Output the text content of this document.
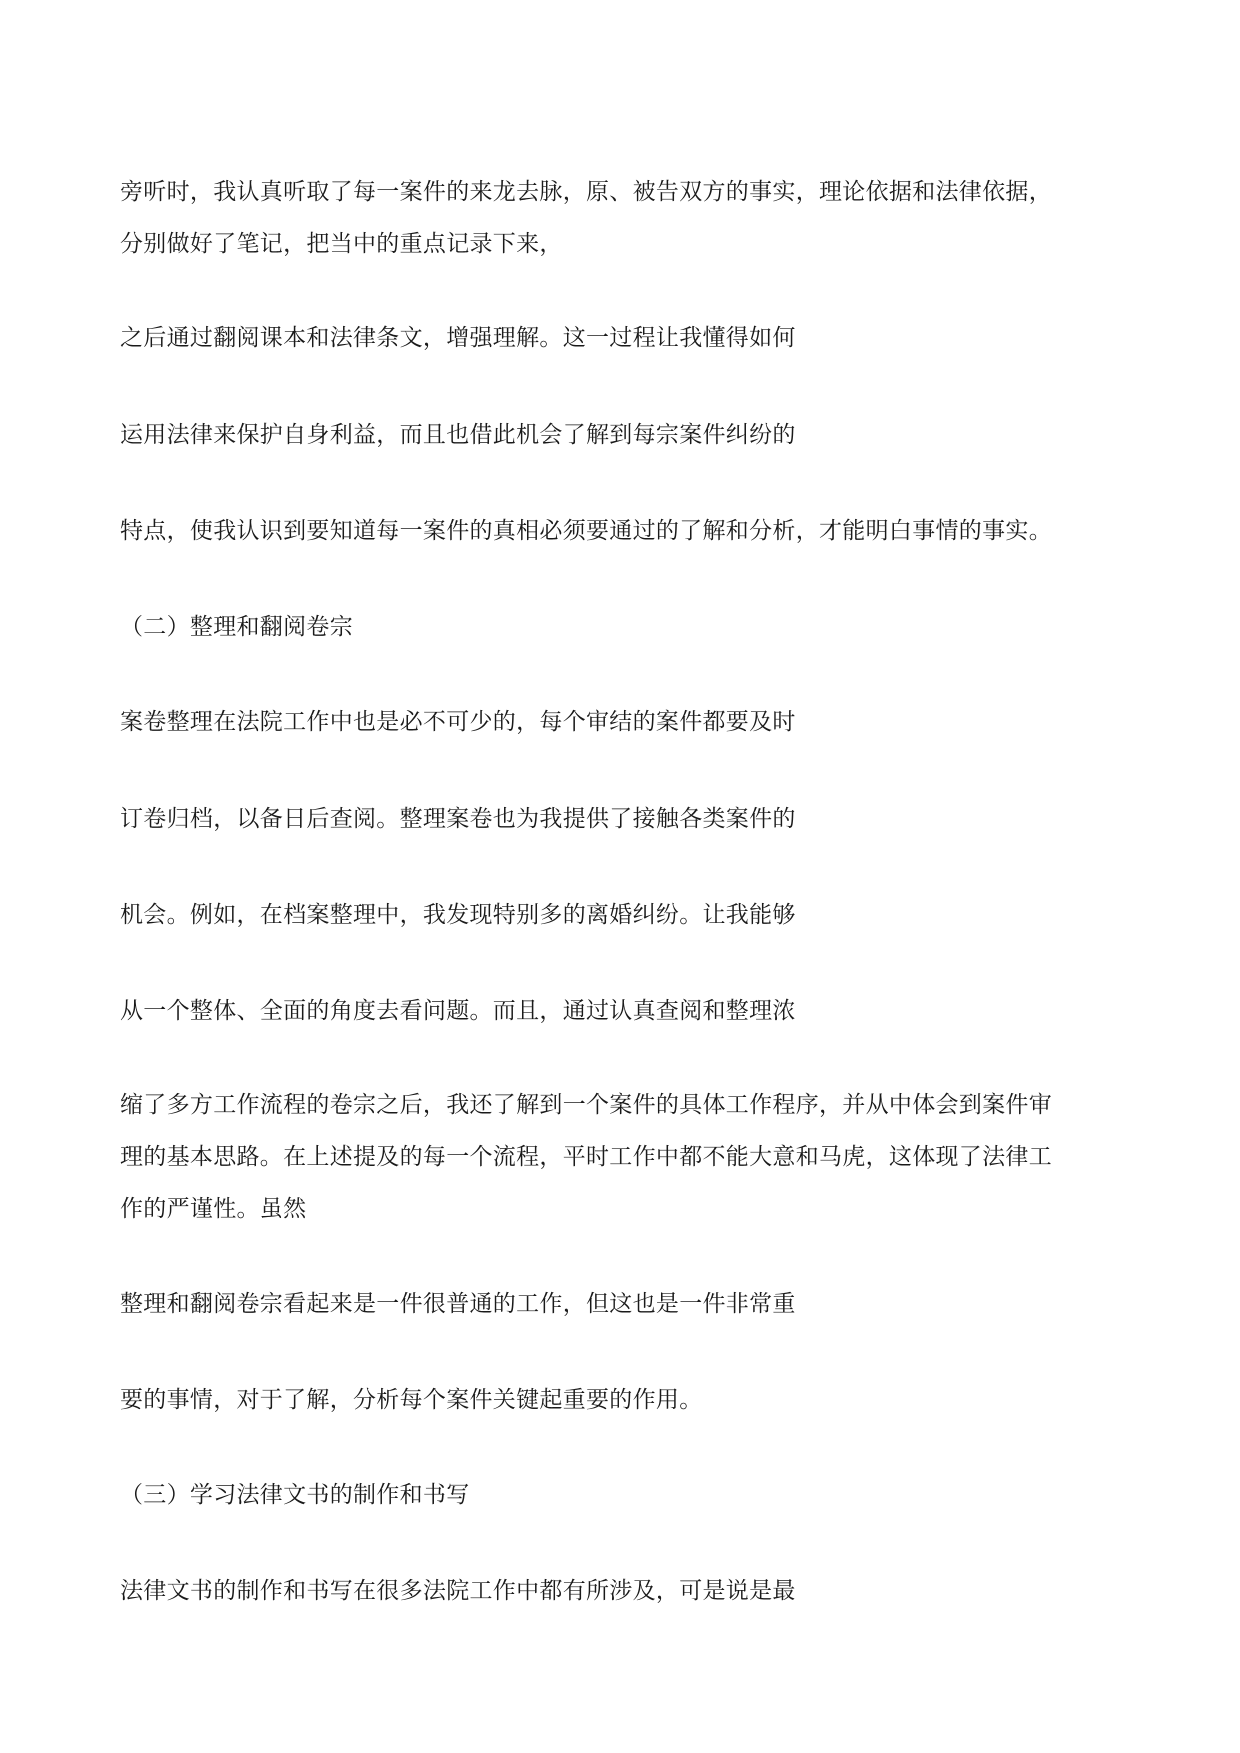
旁听时，我认真听取了每一案件的来龙去脉，原、被告双方的事实，理论依据和法律依据，
分别做好了笔记，把当中的重点记录下来，
之后通过翻阅课本和法律条文，增强理解。这一过程让我懂得如何
运用法律来保护自身利益，而且也借此机会了解到每宗案件纠纷的
特点，使我认识到要知道每一案件的真相必须要通过的了解和分析，才能明白事情的事实。
（二）整理和翻阅卷宗
案卷整理在法院工作中也是必不可少的，每个审结的案件都要及时
订卷归档，以备日后查阅。整理案卷也为我提供了接触各类案件的
机会。例如，在档案整理中，我发现特别多的离婚纠纷。让我能够
从一个整体、全面的角度去看问题。而且，通过认真查阅和整理浓
缩了多方工作流程的卷宗之后，我还了解到一个案件的具体工作程序，并从中体会到案件审
理的基本思路。在上述提及的每一个流程，平时工作中都不能大意和马虎，这体现了法律工
作的严谨性。虽然
整理和翻阅卷宗看起来是一件很普通的工作，但这也是一件非常重
要的事情，对于了解，分析每个案件关键起重要的作用。
（三）学习法律文书的制作和书写
法律文书的制作和书写在很多法院工作中都有所涉及，可是说是最
